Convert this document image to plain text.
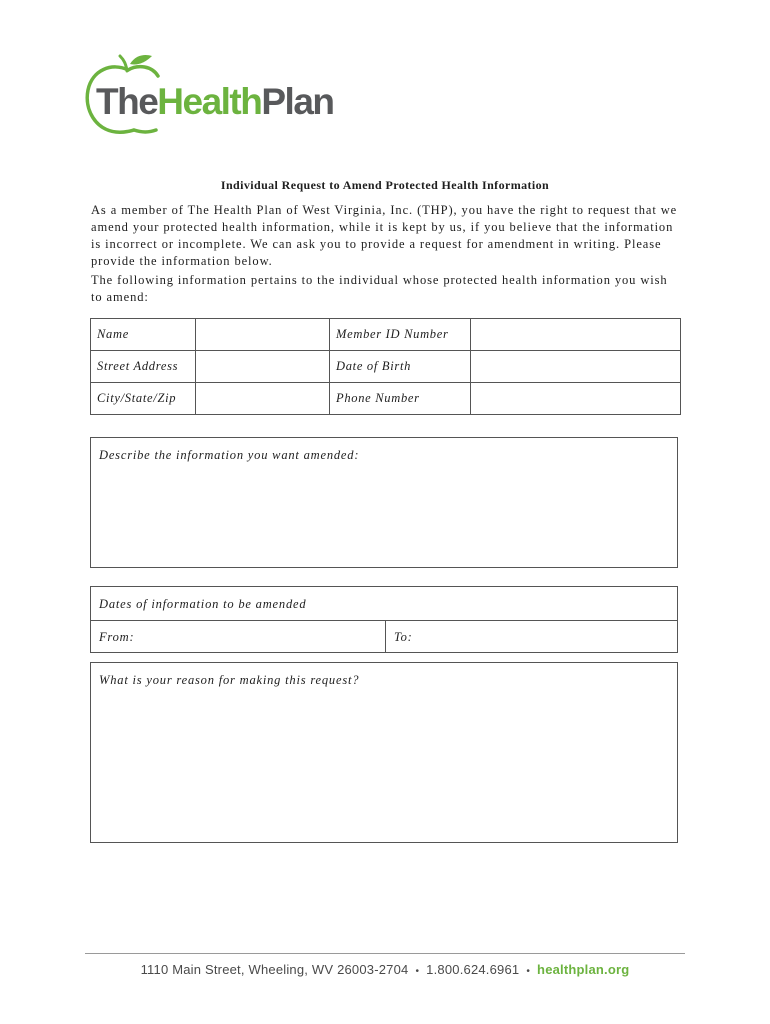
TheHealthPlan
Individual Request to Amend Protected Health Information
As a member of The Health Plan of West Virginia, Inc. (THP), you have the right to request that we amend your protected health information, while it is kept by us, if you believe that the information is incorrect or incomplete. We can ask you to provide a request for amendment in writing. Please provide the information below.
The following information pertains to the individual whose protected health information you wish to amend:
Name		Member ID Number	
Street Address		Date of Birth	
City/State/Zip		Phone Number	
Describe the information you want amended:
Dates of information to be amended
From:	To:
What is your reason for making this request?
1110 Main Street, Wheeling, WV 26003-2704 • 1.800.624.6961 • healthplan.org
